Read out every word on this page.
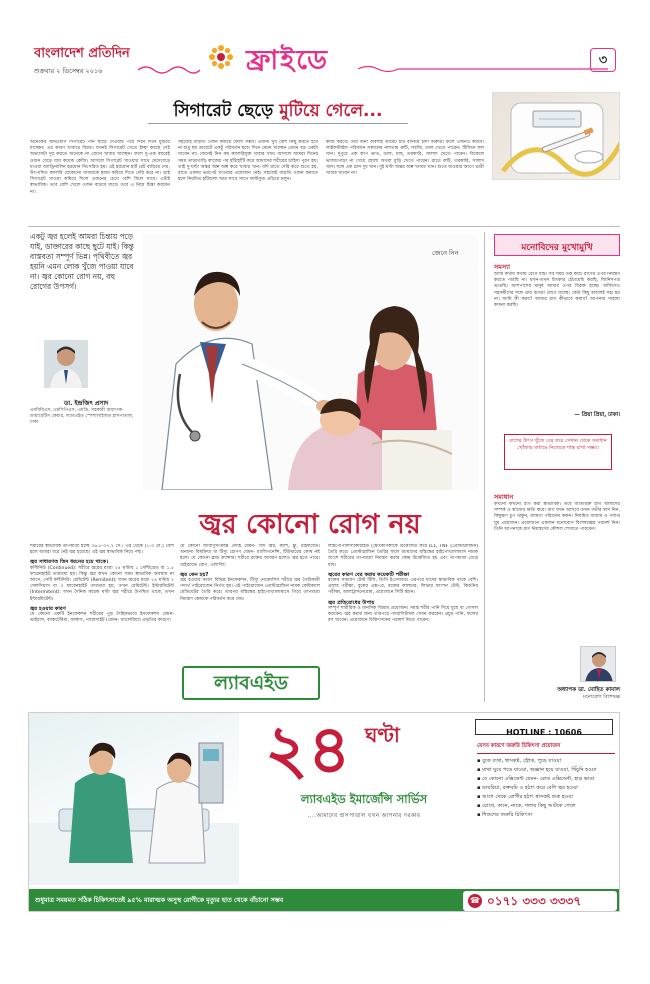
বাংলাদেশ প্রতিদিন
শুক্রবার ২ ডিসেম্বর ২০১৬	ফ্রাইডে	৩
সিগারেট ছেড়ে মুটিয়ে গেলে...
অনেকের অভিযোগ সিগারেট পান ছাড়ে দেওয়ার পরে দিনে দিনে মুটিয়ে যাচ্ছেন। এর কারণ খাবারে বিরত। যখনই সিগারেট খেতে ইচ্ছা করছে সেই অভ্যাসটা দূর করতে অনেকে না জেনে খাবার খাচ্ছেন। ফলে দু-এক বছরেই ওজন বেড়ে যায় কয়েক কেজি। আসলে সিগারেট খাওয়ার সাথে মেদেবেড়ে যাওয়া অ্যাড্রিনালিন হরমোন নিঃসরিত হয়। এই হরমোন হার্ট রেট বাড়িয়ে দেয়, উৎপাদিত ক্যালরি যেকোনো খাবারকে হজম করিয়ে দিতে দেরি করে না। তাই সিগারেট খাওয়া কমিয়ে দিলে ওজনের চেয়ে বেশি মিলে যাবে। এটাই স্বাভাবিক। তবে বেশি খেলে ওজন বাড়বে যাবে। তবে এ নিয়ে চিন্তা করবেন না।
সহজেই বাড়তি ওজন কমিয়ে ফেলা সম্ভব। এজন্য খুব বেশি কিছু করতে হবে না শুধু ছয় ডায়েটে একটু পরিবর্তন হবে। দিনে যেমন খাচ্ছেন তেমন বড় একটা খাবেন না। জেনেই নিন কম ক্যালরিযুক্ত খাবার খান। আসলে আমরা দিনের সময় তাড়াতাড়ি কাজের পর হাঁটাহাঁটি করে আমাদের শরীরের চাহিদা পূরণ হয়। তাই দু-ঘণ্টা অন্তর অল্প অল্প করে খাবার খান। যদি রাতে দেরি করে শুতে হয়, রাতে একদম ভরপেট খাওয়ার প্রয়োজন নেই। সহজেই বাড়তি ওজন কমাতে হলে নিয়মিত হাঁটাচলা আর সাথে সাথে ফাস্টফুড এড়িয়ে চলুন।
কাজ করবে। তার জন্য অবশ্যই ডায়েট চার্ট বানিয়ে চলা জরুরি। ফলে ওজনও কমবে। লাইফস্টাইল পরিবর্তন সকালের নাশতায় রুটি, সবজি, ডাল খেতে পারেন। টিফিনে ফল খান। দুপুরে এক কাপ ভাত, ডাল, মাছ, তরকারি, সালাদ খেতে পারেন। বিকেলে ভাজাপোড়া না খেয়ে ছোলা অথবা মুড়ি খেতে পারেন। রাতে রুটি, তরকারি, সালাদ খান। সঙ্গে এক গ্লাস দুধ খান। দুই ঘণ্টা অন্তর অল্প খাবার খান। শুতে যাওয়ার আগে ভারী খাবার খাবেন না।
একটু জ্বর হলেই আমরা চিন্তায় পড়ে যাই, ডাক্তারের কাছে ছুটে যাই। কিন্তু বাস্তবতা সম্পূর্ণ ভিন্ন। পৃথিবীতে জ্বর হয়নি এমন লোক খুঁজে পাওয়া যাবে না। জ্বর কোনো রোগ নয়, বহু রোগের উপসর্গ।
ডা. ইন্দ্রজিৎ প্রসাদ
এমবিবিএস, এমসিপিএস, এমডি, সহকারী অধ্যাপক- ডায়াবেটিস কেয়ার, ল্যাবএইড স্পেশালাইজড হাসপাতাল, ঢাকা
জেনে নিন
জ্বর কোনো রোগ নয়

শরীরের স্বাভাবিক তাপমাত্রা হচ্ছে ৩৬.৮-৩৭.২ সে.। এর থেকে (১-৩ সে.) বেশি হলে আমরা ধরে নেই জ্বর হয়েছে। এই জ্বর স্বাভাবিক নিয়ে পশ্চ।

জ্বর সাধারণত তিন ধরনের হয়ে থাকে।

কন্টিনিউ (Continued): শরীরে জ্বরের মাত্রা ২৪ ঘণ্টায় ১ সেন্টিগ্রেড বা ১.৫ ফারেনহাইট তারতম্য হয়। কিন্তু জ্বর কখন কোনো সময় স্বাভাবিক অবস্থায় না আসে, সেটি কন্টিনিউ। রেমিটেন্ট (Remitent): যখন জ্বরের মাত্রা ২৪ ঘণ্টায় ২ সেলসিয়াস বা ৩ ফারেনহাইট তারতম্য হয়, তখন রেমিটেন্ট। ইন্টারমিটেন্ট (Intermitent): যখন দৈনিক কয়েক ঘণ্টা জ্বর শরীরে উপস্থিত থাকে, তখন ইন্টারমিটেন্ট।

জ্বর হওয়ার কারণ

যে কোনো একটি ইনফেকশন শরীরের পুড় দৈহিকভাবে ইনফেকশন যেমন- ভাইরাস, ব্যাকটেরিয়া, ফাঙ্গাস, প্যারাসাইট (যেমন- ম্যালেরিয়া) প্রভৃতির কারণে।

যে কোনো জীবাণুসংক্রান্ত প্রদাহ যেমন- সর্দি জ্বর, কাশি, ফ্লু, টাইফয়েড। অন্যান্য বিষক্রিয়া বা টিস্যু রোপণ যেমন- ম্যালিগনেন্সি, টিউমারের কোষ নষ্ট হলে। যে কোনো ব্লাড ক্যান্সার। শরীরে রক্তের আবরণ হলেও জ্বর হতে পারে। থাইরয়েড রোগ, এলার্জি।

জ্বর কেন হয়?

জ্বর হওয়ার কারণ বিভিন্ন ইনফেকশন, টিস্যু নেক্রোসিস শরীরে জ্বর তৈরিকারী পদার্থ পাইরোজেন নির্গত হয়। এই পাইরোজেন প্রোস্টাগ্লান্ডিন নামক কেমিক্যাল মেডিয়েটর তৈরি করে। তারপর মস্তিষ্কের হাইপোথ্যালামাসে গিয়ে তাপমাত্রা নিয়ন্ত্রণ কেন্দ্রকে পরিবর্তন করে দেয়।

লাইপোপলিস্যাকারাইড (শ্বেতকণিকাকে উত্তেজিত করে IL1, TNF (প্রোস্টাগ্লান্ডিন) তৈরি করে। প্রোস্টাগ্লান্ডিন তৈরির ফলে আমাদের মস্তিষ্কের হাইপোথ্যালামাস নামক অংশে শরীরের তাপমাত্রা নিয়ন্ত্রণ করার কেন্দ্র উত্তেজিত হয় এবং তাপমাত্রা বেড়ে যায়।

জ্বরের কারণ বের করার কয়েকটি পরীক্ষা

রক্তের সাধারণ টেস্ট টিসি, ডিসি ইএসআর। এরপরে যাদের স্বাভাবিক থাকে বেশি। প্রস্রাব পরীক্ষা, বুকের এক্স-রে, রক্তের কালচার, লিভার ফাংশন টেস্ট, কিডনির পরীক্ষা, আলট্রাসনোগ্রাম, প্রয়োজনে সিটি স্ক্যান।

জ্বর প্রতিরোধের উপায়

সম্পূর্ণ শারীরিক ও মানসিক বিশ্রাম প্রয়োজন। সমস্ত শরীর পানি দিয়ে মুছে বা গোসল করবেন। জ্বর কমার জন্য তারপরে প্যারাসিটামল সেবন করবেন। প্রচুর পানি, ফলের রস খাবেন। প্রয়োজনে চিকিৎসকের পরামর্শ নিতে পারেন।

ল্যাবএইড
মনোবিদের মুখোমুখি
সমস্যা
আমি কথায় কথায় রেগে যাই। সব সময় তর্ক করি। রাগের ওপর নিয়ন্ত্রণ করতে পারছি না। যখন-তখন চিৎকার চেঁচামেচি করছি, জিনিসপত্র ভাঙছি। আশপাশের মানুষ আমার ওপর বিরক্ত হচ্ছে। অফিসেও সহকর্মীদের সঙ্গে প্রায় ঝগড়া লেগে যাচ্ছে। কেউ কিছু বললেই সহ্য হয় না। আমি কী করব? আমার রাগ কীভাবে কমাব? আপনার সাহায্য কামনা করছি।
— প্রিয়া প্রিয়া, ঢাকা।
রাগের উৎস খুঁজে বের করে সেখান থেকে সমাধান খোঁজার মাধ্যমে নিজেকে শান্ত রাখা সম্ভব।
সমাধান
কখনো কখনো রাগ করা স্বাভাবিক। তবে অতিরিক্ত রাগ আমাদের সম্পর্ক ও কাজের ক্ষতি করে। রাগ যখন আসবে তখন গভীর শ্বাস নিন, কিছুক্ষণ চুপ থাকুন, জায়গা পরিবর্তন করুন। নিয়মিত ব্যায়াম ও পর্যাপ্ত ঘুম প্রয়োজন। প্রয়োজনে একজন মনোরোগ বিশেষজ্ঞের পরামর্শ নিন। তিনি আপনাকে রাগ নিয়ন্ত্রণের কৌশল শেখাতে পারবেন।
অধ্যাপক ডা. মোহিত কামাল
মনোরোগ বিশেষজ্ঞ
HOTLINE : 10606
২৪ ঘণ্টা
ল্যাবএইড ইমার্জেন্সি সার্ভিস
....আমাদের হাসপাতাল যখন আপনার দরকার
যেসব কারণে জরুরি চিকিৎসা প্রয়োজন
▪ বুকে ব্যথা, শ্বাসকষ্ট, স্ট্রোক, পুড়ে যাওয়া
▪ মাথা ঘুরে পড়ে যাওয়া, অজ্ঞান হয়ে যাওয়া, খিঁচুনি হওয়া
▪ যে কোনো এক্সিডেন্ট যেমন- রোড এক্সিডেন্ট, হাড় ভাঙা
▪ ডায়রিয়া, রক্তবমি ও হঠাৎ করে বেশি জ্বর হওয়া
▪ আগে থেকে রোগীর হঠাৎ শ্বাসকষ্ট শুরু হওয়া
▪ চোখে, কানে, নাকে, গলায় কিছু আটকে গেলে
▪ শিশুদের জরুরি চিকিৎসা
শুধুমাত্র সময়মত সঠিক চিকিৎসাতেই ৯৫% মারাত্মক অসুস্থ রোগীকে মৃত্যুর হাত থেকে বাঁচানো সম্ভব	☎ ০১৭১ ৩৩৩ ৩৩৩৭
